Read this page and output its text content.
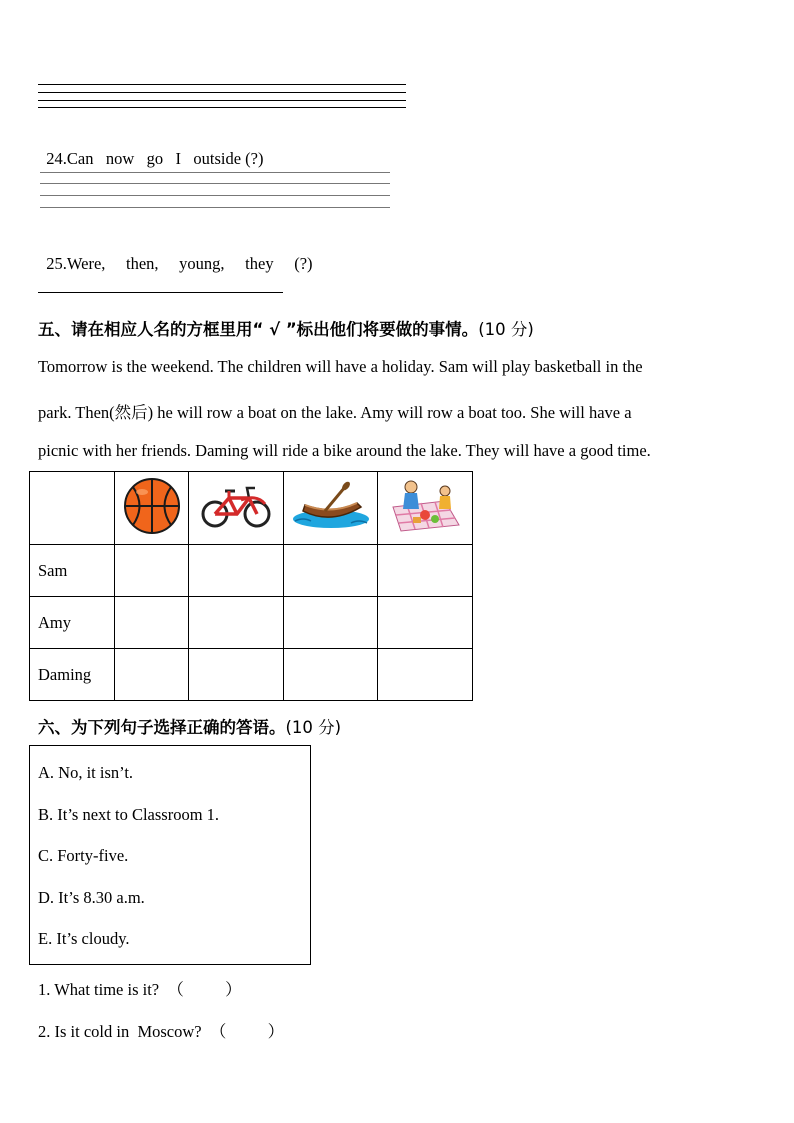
24.Can   now   go   I   outside (?)

25.Were,     then,     young,     they     (?)

五、请在相应人名的方框里用“ √ ”标出他们将要做的事情。(10 分)
Tomorrow is the weekend. The children will have a holiday. Sam will play basketball in the
park. Then(然后) he will row a boat on the lake. Amy will row a boat too. She will have a
picnic with her friends. Daming will ride a bike around the lake. They will have a good time.

Sam				
Amy				
Daming				
六、为下列句子选择正确的答语。(10 分)
A. No, it isn’t.
B. It’s next to Classroom 1.
C. Forty-five.
D. It’s 8.30 a.m.
E. It’s cloudy.
1. What time is it?  （          ）
2. Is it cold in  Moscow?  （          ）
